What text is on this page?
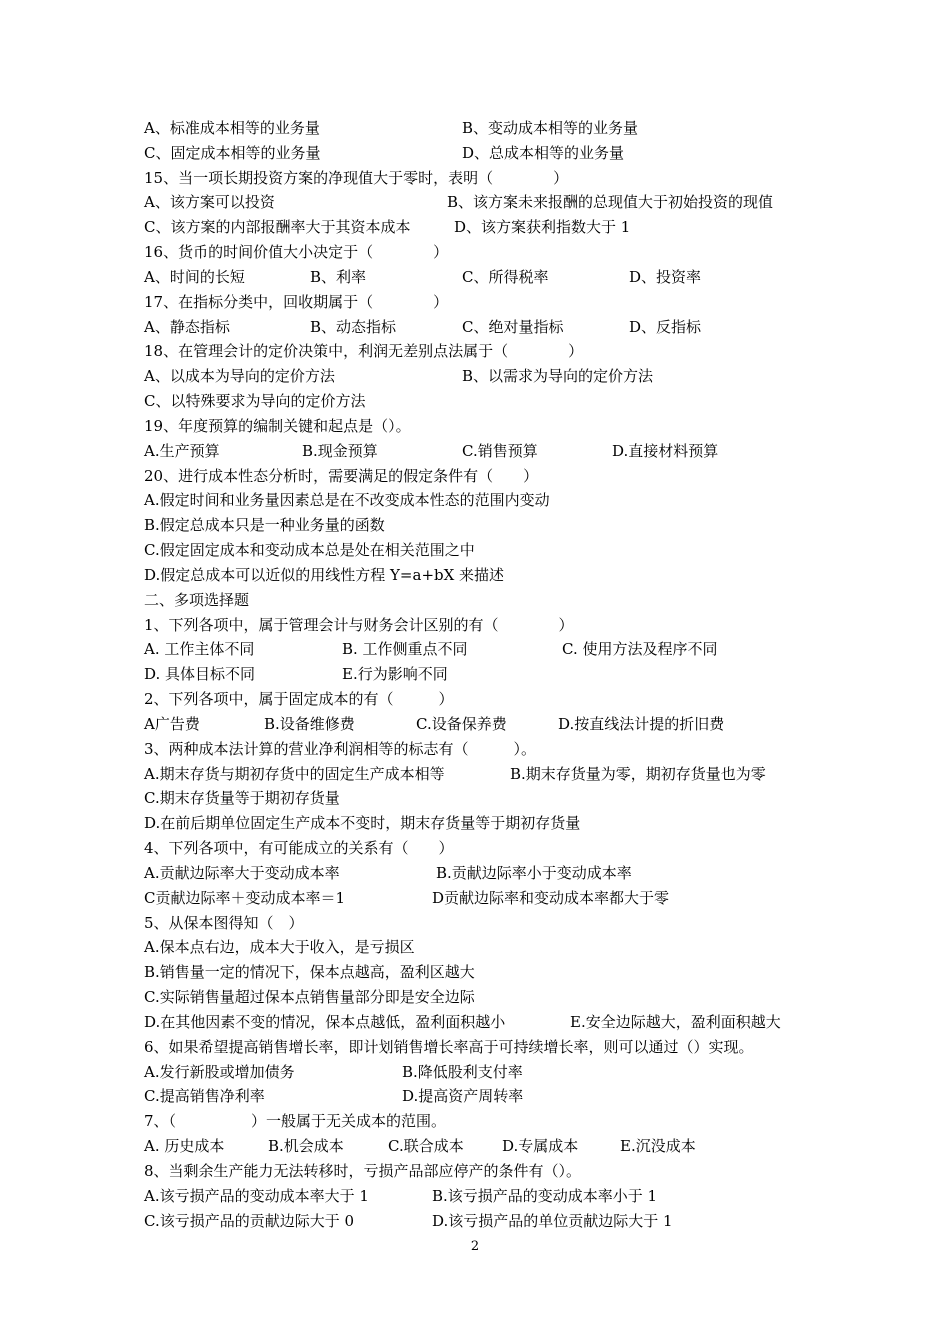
A、标准成本相等的业务量	B、变动成本相等的业务量
C、固定成本相等的业务量	D、总成本相等的业务量
15、当一项长期投资方案的净现值大于零时，表明（　　　　）
A、该方案可以投资	B、该方案未来报酬的总现值大于初始投资的现值
C、该方案的内部报酬率大于其资本成本	D、该方案获利指数大于 1
16、货币的时间价值大小决定于（　　　　）
A、时间的长短	B、利率	C、所得税率	D、投资率
17、在指标分类中，回收期属于（　　　　）
A、静态指标	B、动态指标	C、绝对量指标	D、反指标
18、在管理会计的定价决策中，利润无差别点法属于（　　　　）
A、以成本为导向的定价方法	B、以需求为导向的定价方法
C、以特殊要求为导向的定价方法
19、年度预算的编制关键和起点是（）。
A.生产预算	B.现金预算	C.销售预算	D.直接材料预算
20、进行成本性态分析时，需要满足的假定条件有（　　）
A.假定时间和业务量因素总是在不改变成本性态的范围内变动
B.假定总成本只是一种业务量的函数
C.假定固定成本和变动成本总是处在相关范围之中
D.假定总成本可以近似的用线性方程 Y=a+bX 来描述
二、多项选择题
1、下列各项中，属于管理会计与财务会计区别的有（　　　　）
A. 工作主体不同	B. 工作侧重点不同	C. 使用方法及程序不同
D. 具体目标不同	E.行为影响不同
2、下列各项中，属于固定成本的有（　　　）
A广告费	B.设备维修费	C.设备保养费	D.按直线法计提的折旧费
3、两种成本法计算的营业净利润相等的标志有（　　　）。
A.期末存货与期初存货中的固定生产成本相等	B.期末存货量为零，期初存货量也为零
C.期末存货量等于期初存货量
D.在前后期单位固定生产成本不变时，期末存货量等于期初存货量
4、下列各项中，有可能成立的关系有（　　）
A.贡献边际率大于变动成本率	B.贡献边际率小于变动成本率
C贡献边际率＋变动成本率＝1	D贡献边际率和变动成本率都大于零
5、从保本图得知（　）
A.保本点右边，成本大于收入，是亏损区
B.销售量一定的情况下，保本点越高，盈利区越大
C.实际销售量超过保本点销售量部分即是安全边际
D.在其他因素不变的情况，保本点越低，盈利面积越小	E.安全边际越大，盈利面积越大
6、如果希望提高销售增长率，即计划销售增长率高于可持续增长率，则可以通过（）实现。
A.发行新股或增加债务	B.降低股利支付率
C.提高销售净利率	D.提高资产周转率
7、（　　　　　）一般属于无关成本的范围。
A. 历史成本	B.机会成本	C.联合成本	D.专属成本	E.沉没成本
8、当剩余生产能力无法转移时，亏损产品部应停产的条件有（）。
A.该亏损产品的变动成本率大于 1	B.该亏损产品的变动成本率小于 1
C.该亏损产品的贡献边际大于 0	D.该亏损产品的单位贡献边际大于 1
2
